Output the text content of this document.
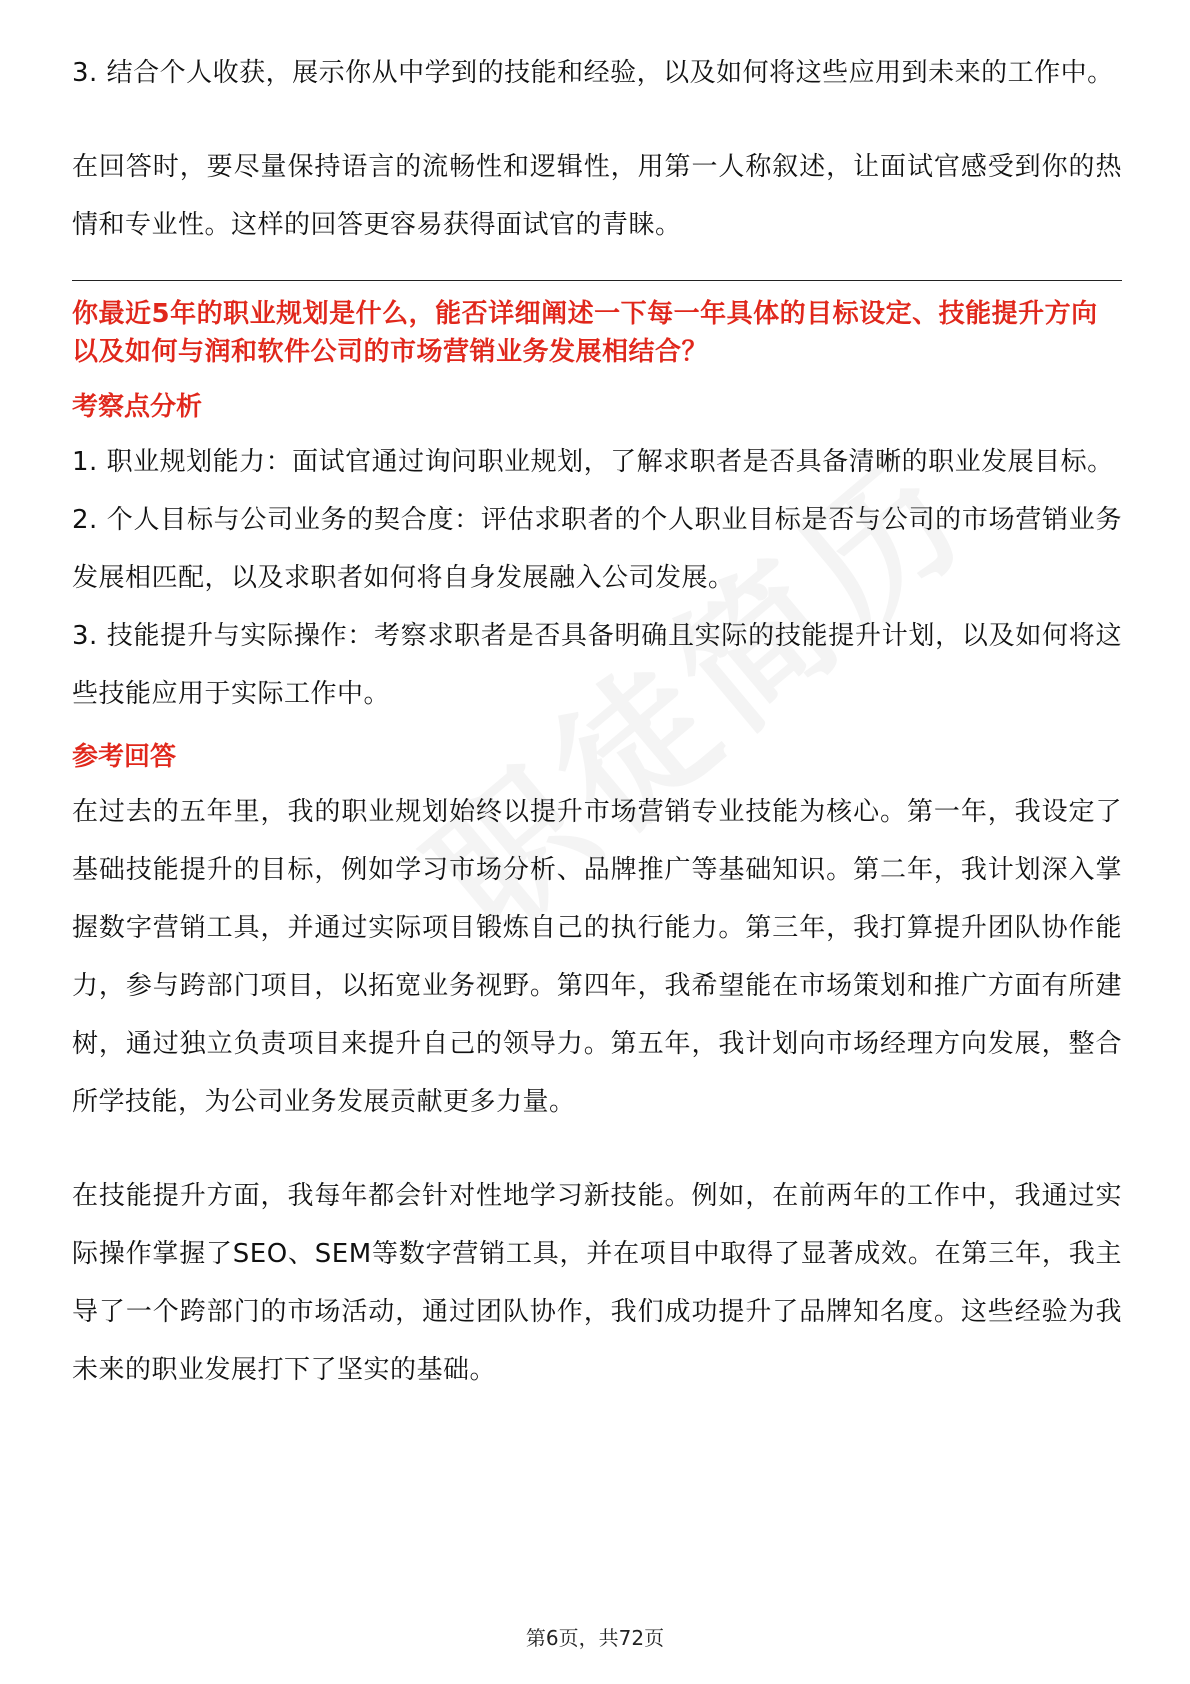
3. 结合个人收获，展示你从中学到的技能和经验，以及如何将这些应用到未来的工作中。

在回答时，要尽量保持语言的流畅性和逻辑性，用第一人称叙述，让面试官感受到你的热情和专业性。这样的回答更容易获得面试官的青睐。

你最近5年的职业规划是什么，能否详细阐述一下每一年具体的目标设定、技能提升方向以及如何与润和软件公司的市场营销业务发展相结合？

考察点分析

1. 职业规划能力：面试官通过询问职业规划，了解求职者是否具备清晰的职业发展目标。

2. 个人目标与公司业务的契合度：评估求职者的个人职业目标是否与公司的市场营销业务发展相匹配，以及求职者如何将自身发展融入公司发展。

3. 技能提升与实际操作：考察求职者是否具备明确且实际的技能提升计划，以及如何将这些技能应用于实际工作中。

参考回答

在过去的五年里，我的职业规划始终以提升市场营销专业技能为核心。第一年，我设定了基础技能提升的目标，例如学习市场分析、品牌推广等基础知识。第二年，我计划深入掌握数字营销工具，并通过实际项目锻炼自己的执行能力。第三年，我打算提升团队协作能力，参与跨部门项目，以拓宽业务视野。第四年，我希望能在市场策划和推广方面有所建树，通过独立负责项目来提升自己的领导力。第五年，我计划向市场经理方向发展，整合所学技能，为公司业务发展贡献更多力量。

在技能提升方面，我每年都会针对性地学习新技能。例如，在前两年的工作中，我通过实际操作掌握了SEO、SEM等数字营销工具，并在项目中取得了显著成效。在第三年，我主导了一个跨部门的市场活动，通过团队协作，我们成功提升了品牌知名度。这些经验为我未来的职业发展打下了坚实的基础。

第6页，共72页
